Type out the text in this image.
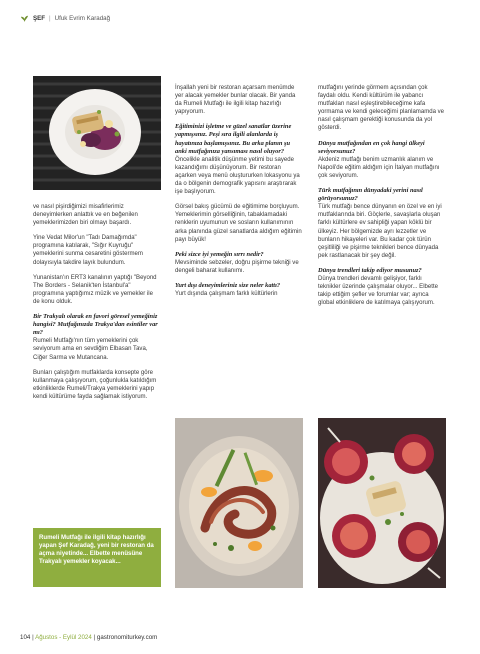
ŞEF | Ufuk Evrim Karadağ

ve nasıl pişirdiğimizi misafirlerimiz deneyimlerken anlattık ve en beğenilen yemeklerimizden biri olmayı başardı.

Yine Vedat Milor'un "Tadı Damağımda" programına katılarak, "Sığır Kuyruğu" yemeklerini sunma cesaretini göstermem dolayısıyla takdire layık bulundum.

Yunanistan'ın ERT3 kanalının yaptığı "Beyond The Borders - Selanik'ten İstanbul'a" programına yaptığımız müzik ve yemekler ile de konu olduk.

Bir Trakyalı olarak en favori göresel yemeğiniz hangisi? Mutfağınızda Trakya'dan esintiler var mı?
Rumeli Mutfağı'nın tüm yemeklerini çok seviyorum ama en sevdiğim Elbasan Tava, Ciğer Sarma ve Mutancana.

Bunları çalıştığım mutfaklarda konsepte göre kullanmaya çalışıyorum, çoğunlukla katıldığım etkinliklerde Rumeli/Trakya yemeklerini yapıp kendi kültürüme fayda sağlamak istiyorum.

Rumeli Mutfağı ile ilgili kitap hazırlığı yapan Şef Karadağ, yeni bir restoran da açma niyetinde... Elbette menüsüne Trakyalı yemekler koyacak...

İnşallah yeni bir restoran açarsam menümde yer alacak yemekler bunlar olacak. Bir yanda da Rumeli Mutfağı ile ilgili kitap hazırlığı yapıyorum.

Eğitiminizi işletme ve güzel sanatlar üzerine yapmışsınız. Peşi sıra ilgili alanlarda iş hayatınıza başlamışsınız. Bu arka planın şu anki mutfağınıza yansıması nasıl oluyor?
Öncelikle analitik düşünme yetimi bu sayede kazandığımı düşünüyorum. Bir restoran açarken veya menü oluştururken lokasyonu ya da o bölgenin demografik yapısını araştırarak işe başlıyorum.

Görsel bakış gücümü de eğitimime borçluyum. Yemeklerimin görselliğinin, tabaklamadaki renklerin uyumunun ve sosların kullanımının arka planında güzel sanatlarda aldığım eğitimin payı büyük!

Peki sizce iyi yemeğin sırrı nedir?
Mevsiminde sebzeler, doğru pişirme tekniği ve dengeli baharat kullanımı.

Yurt dışı deneyimleriniz size neler kattı?
Yurt dışında çalışmam farklı kültürlerin

mutfağını yerinde görmem açısından çok faydalı oldu. Kendi kültürüm ile yabancı mutfakları nasıl eşleştirebileceğime kafa yormama ve kendi geleceğimi planlamamda ve nasıl çalışmam gerektiği konusunda da yol gösterdi.

Dünya mutfağından en çok hangi ülkeyi seviyorsunuz?
Akdeniz mutfağı benim uzmanlık alanım ve Napoli'de eğitim aldığım için İtalyan mutfağını çok seviyorum.

Türk mutfağının dünyadaki yerini nasıl görüyorsunuz?
Türk mutfağı bence dünyanın en özel ve en iyi mutfaklarında biri. Göçlerle, savaşlarla oluşan farklı kültürlere ev sahipliği yapan köklü bir ülkeyiz. Her bölgemizde ayrı lezzetler ve bunların hikayeleri var. Bu kadar çok türün çeşitliliği ve pişirme teknikleri bence dünyada pek rastlanacak bir şey değil.

Dünya trendleri takip ediyor musunuz?
Dünya trendleri devamlı gelişiyor, farklı teknikler üzerinde çalışmalar oluyor... Elbette takip ettiğim şefler ve forumlar var; ayrıca global etkinliklere de katılmaya çalışıyorum.

104 | Ağustos - Eylül 2024 | gastronomiturkey.com
